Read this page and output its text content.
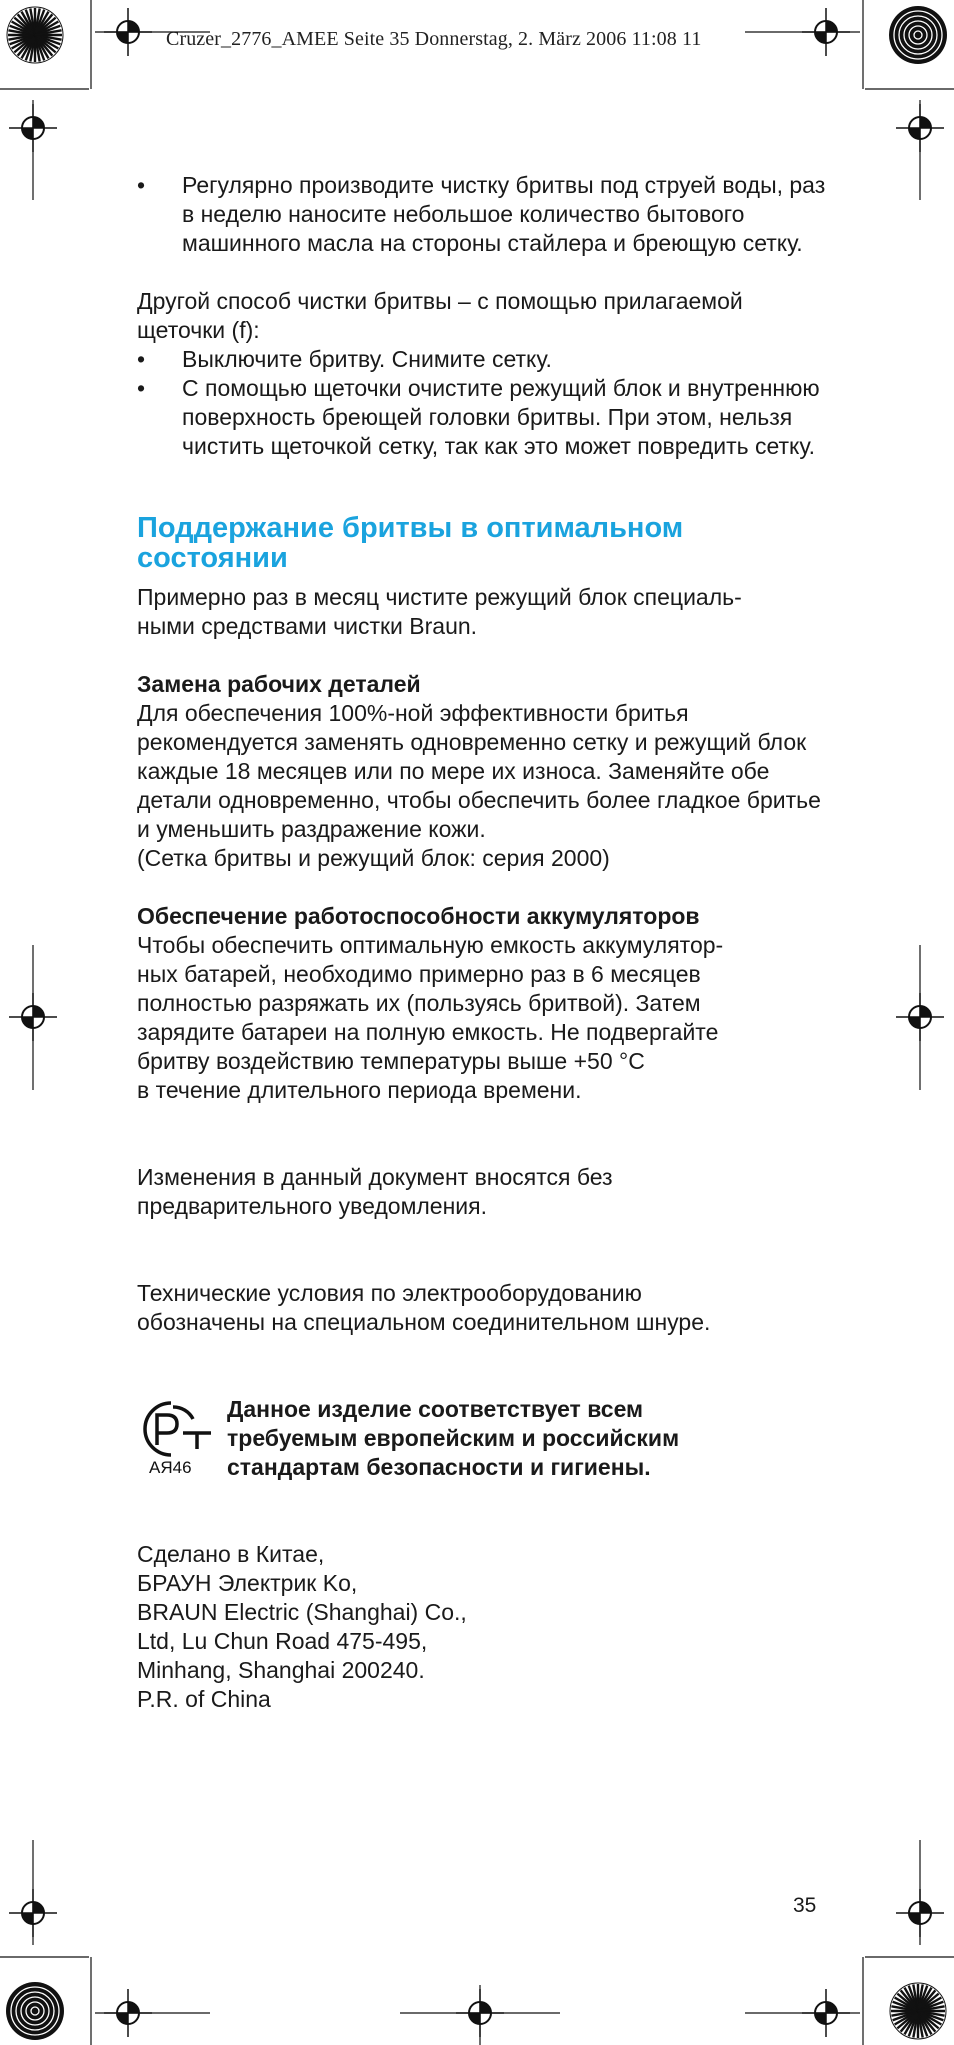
Cruzer_2776_AMEE Seite 35 Donnerstag, 2. März 2006 11:08 11
•	Регулярно производите чистку бритвы под струей воды, раз в неделю наносите небольшое количество бытового машинного масла на стороны стайлера и бреющую сетку.

Другой способ чистки бритвы – с помощью прилагаемой щеточки (f):

•	Выключите бритву. Снимите сетку.
•	С помощью щеточки очистите режущий блок и внутреннюю поверхность бреющей головки бритвы. При этом, нельзя чистить щеточкой сетку, так как это может повредить сетку.
Поддержание бритвы в оптимальном состоянии

Примерно раз в месяц чистите режущий блок специаль-
ными средствами чистки Braun.

Замена рабочих деталей

Для обеспечения 100%-ной эффективности бритья рекомендуется заменять одновременно сетку и режущий блок каждые 18 месяцев или по мере их износа. Заменяйте обе детали одновременно, чтобы обеспечить более гладкое бритье и уменьшить раздражение кожи.

(Сетка бритвы и режущий блок: серия 2000)

Обеспечение работоспособности аккумуляторов

Чтобы обеспечить оптимальную емкость аккумулятор-
ных батарей, необходимо примерно раз в 6 месяцев
полностью разряжать их (пользуясь бритвой). Затем
зарядите батареи на полную емкость. Не подвергайте
бритву воздействию температуры выше +50 °C
в течение длительного периода времени.

Изменения в данный документ вносятся без
предварительного уведомления.

Технические условия по электрооборудованию
обозначены на специальном соединительном шнуре.

АЯ46

Данное изделие соответствует всем
требуемым европейским и российским
стандартам безопасности и гигиены.

Сделано в Китае,
БРАУН Электрик Ko,
BRAUN Electric (Shanghai) Co.,
Ltd, Lu Chun Road 475-495,
Minhang, Shanghai 200240.
P.R. of China

35
